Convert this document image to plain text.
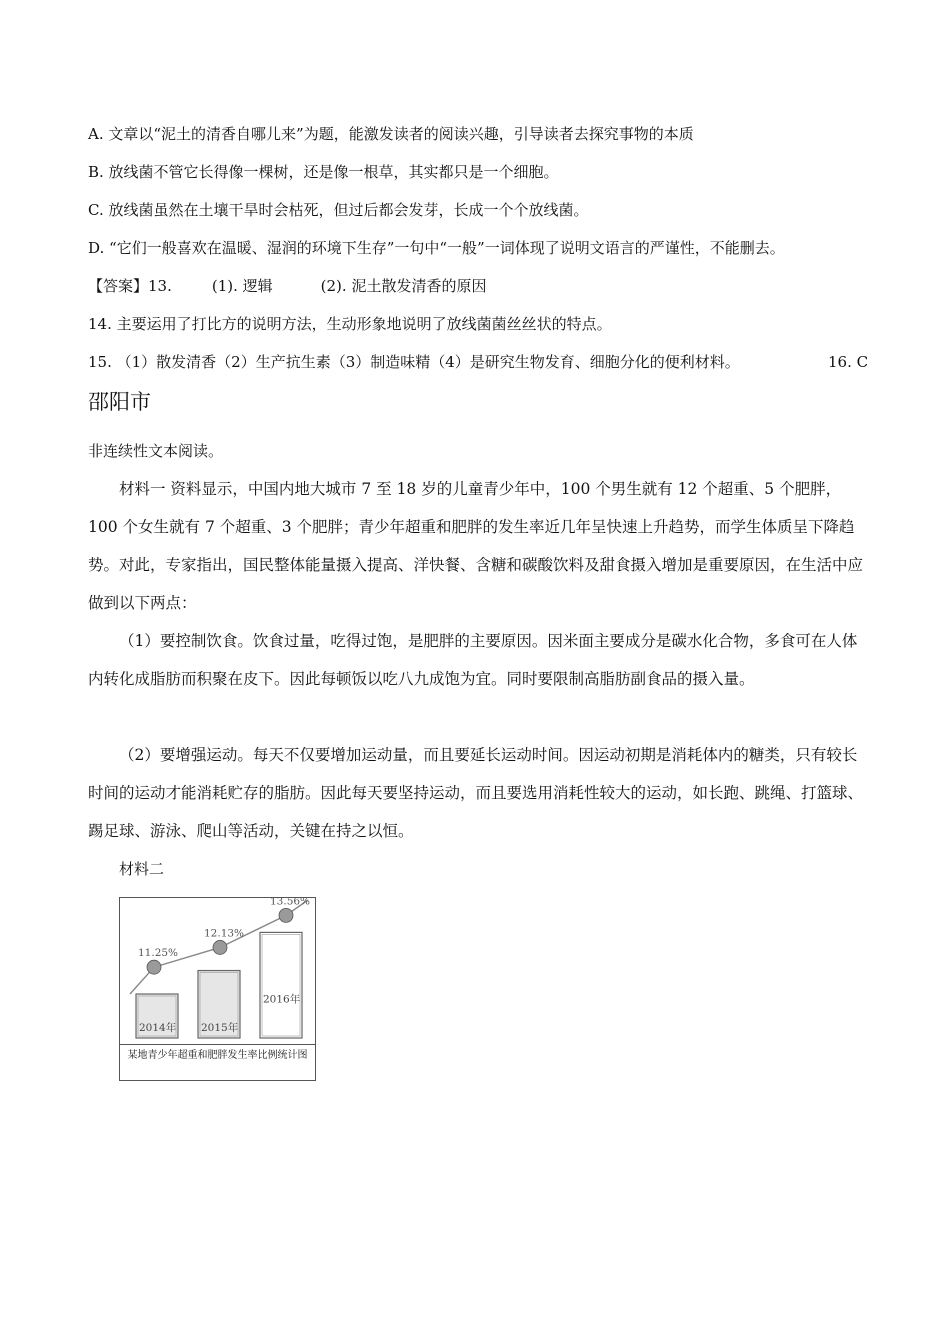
A. 文章以“泥土的清香自哪儿来”为题，能激发读者的阅读兴趣，引导读者去探究事物的本质
B. 放线菌不管它长得像一棵树，还是像一根草，其实都只是一个细胞。
C. 放线菌虽然在土壤干旱时会枯死，但过后都会发芽，长成一个个放线菌。
D. “它们一般喜欢在温暖、湿润的环境下生存”一句中“一般”一词体现了说明文语言的严谨性，不能删去。
【答案】13.	(1). 逻辑	(2). 泥土散发清香的原因
14. 主要运用了打比方的说明方法，生动形象地说明了放线菌菌丝丝状的特点。
15. （1）散发清香（2）生产抗生素（3）制造味精（4）是研究生物发育、细胞分化的便利材料。	16. C
邵阳市
非连续性文本阅读。
材料一 资料显示，中国内地大城市 7 至 18 岁的儿童青少年中，100 个男生就有 12 个超重、5 个肥胖，100 个女生就有 7 个超重、3 个肥胖；青少年超重和肥胖的发生率近几年呈快速上升趋势，而学生体质呈下降趋势。对此，专家指出，国民整体能量摄入提高、洋快餐、含糖和碳酸饮料及甜食摄入增加是重要原因，在生活中应做到以下两点：
（1）要控制饮食。饮食过量，吃得过饱，是肥胖的主要原因。因米面主要成分是碳水化合物，多食可在人体内转化成脂肪而积聚在皮下。因此每顿饭以吃八九成饱为宜。同时要限制高脂肪副食品的摄入量。
（2）要增强运动。每天不仅要增加运动量，而且要延长运动时间。因运动初期是消耗体内的糖类，只有较长时间的运动才能消耗贮存的脂肪。因此每天要坚持运动，而且要选用消耗性较大的运动，如长跑、跳绳、打篮球、踢足球、游泳、爬山等活动，关键在持之以恒。
材料二
2014年 2015年
2016年
11.25%
12.13%
13.56%
某地青少年超重和肥胖发生率比例统计图
